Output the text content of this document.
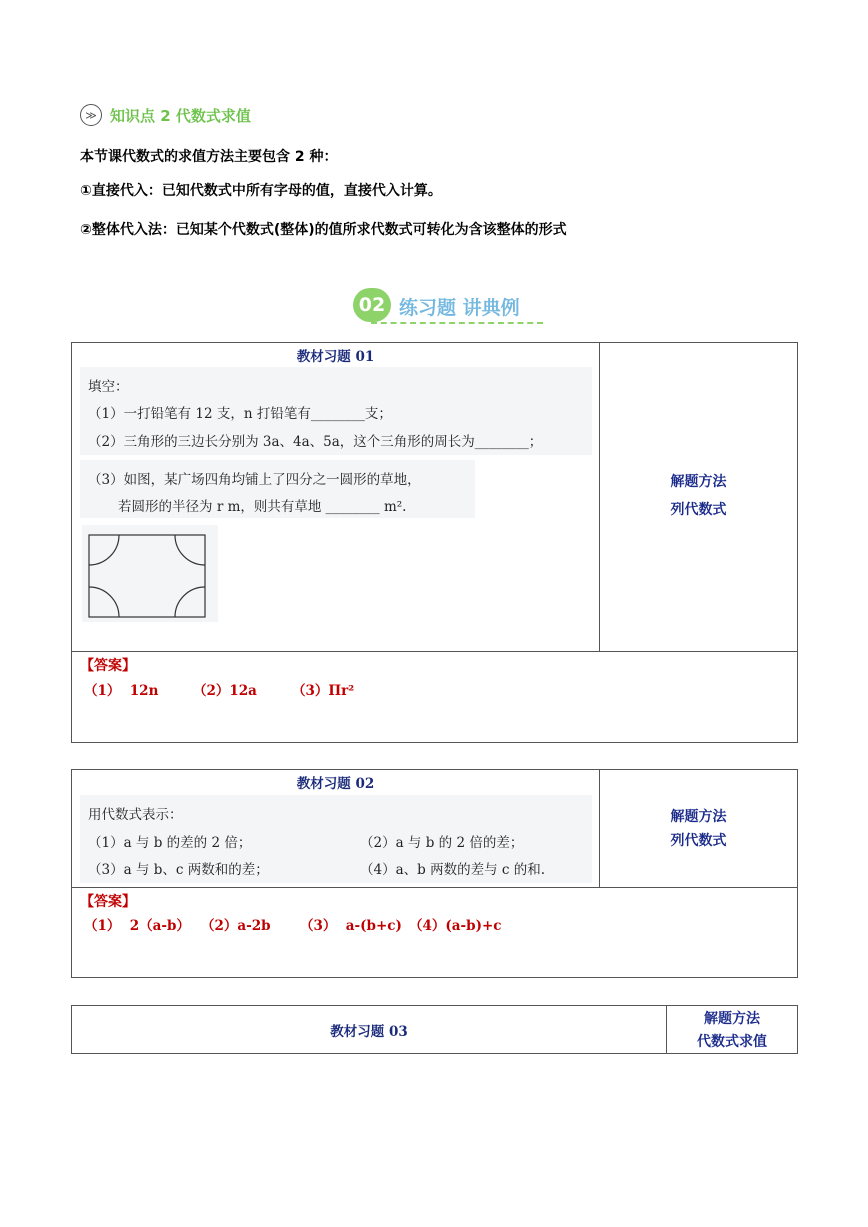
≫ 知识点 2 代数式求值
本节课代数式的求值方法主要包含 2 种：
①直接代入：已知代数式中所有字母的值，直接代入计算。
②整体代入法：已知某个代数式(整体)的值所求代数式可转化为含该整体的形式
02 练习题 讲典例
教材习题 01
填空：
（1）一打铅笔有 12 支，n 打铅笔有________支；
（2）三角形的三边长分别为 3a、4a、5a，这个三角形的周长为________；
（3）如图，某广场四角均铺上了四分之一圆形的草地，
若圆形的半径为 r m，则共有草地 ________ m².
解题方法
列代数式
【答案】
（1）  12n	（2）12a	（3）Πr²
教材习题 02
用代数式表示：
（1）a 与 b 的差的 2 倍；	（2）a 与 b 的 2 倍的差；
（3）a 与 b、c 两数和的差；	（4）a、b 两数的差与 c 的和.
解题方法
列代数式
【答案】
（1）  2（a-b） （2）a-2b （3）  a-(b+c) （4）(a-b)+c
教材习题 03
解题方法
代数式求值
